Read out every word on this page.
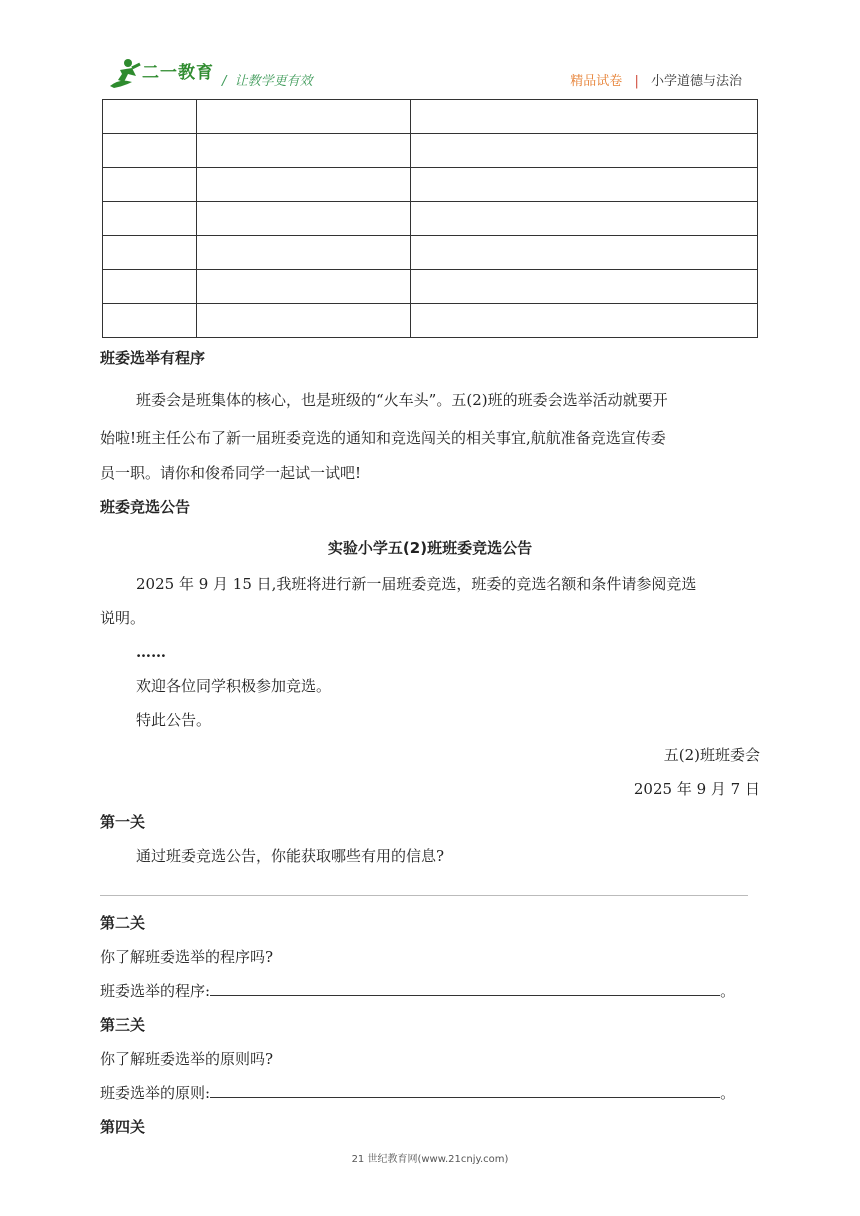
二一教育 /  让教学更有效	精品试卷 | 小学道德与法治

班委选举有程序
班委会是班集体的核心，也是班级的“火车头”。五(2)班的班委会选举活动就要开
始啦!班主任公布了新一届班委竞选的通知和竞选闯关的相关事宜,航航准备竞选宣传委
员一职。请你和俊希同学一起试一试吧!
班委竞选公告
实验小学五(2)班班委竞选公告
2025 年 9 月 15 日,我班将进行新一届班委竞选，班委的竞选名额和条件请参阅竞选
说明。
……
欢迎各位同学积极参加竞选。
特此公告。
五(2)班班委会
2025 年 9 月 7 日
第一关
通过班委竞选公告，你能获取哪些有用的信息?
第二关
你了解班委选举的程序吗?
班委选举的程序:	。
第三关
你了解班委选举的原则吗?
班委选举的原则:	。
第四关
21 世纪教育网(www.21cnjy.com)
